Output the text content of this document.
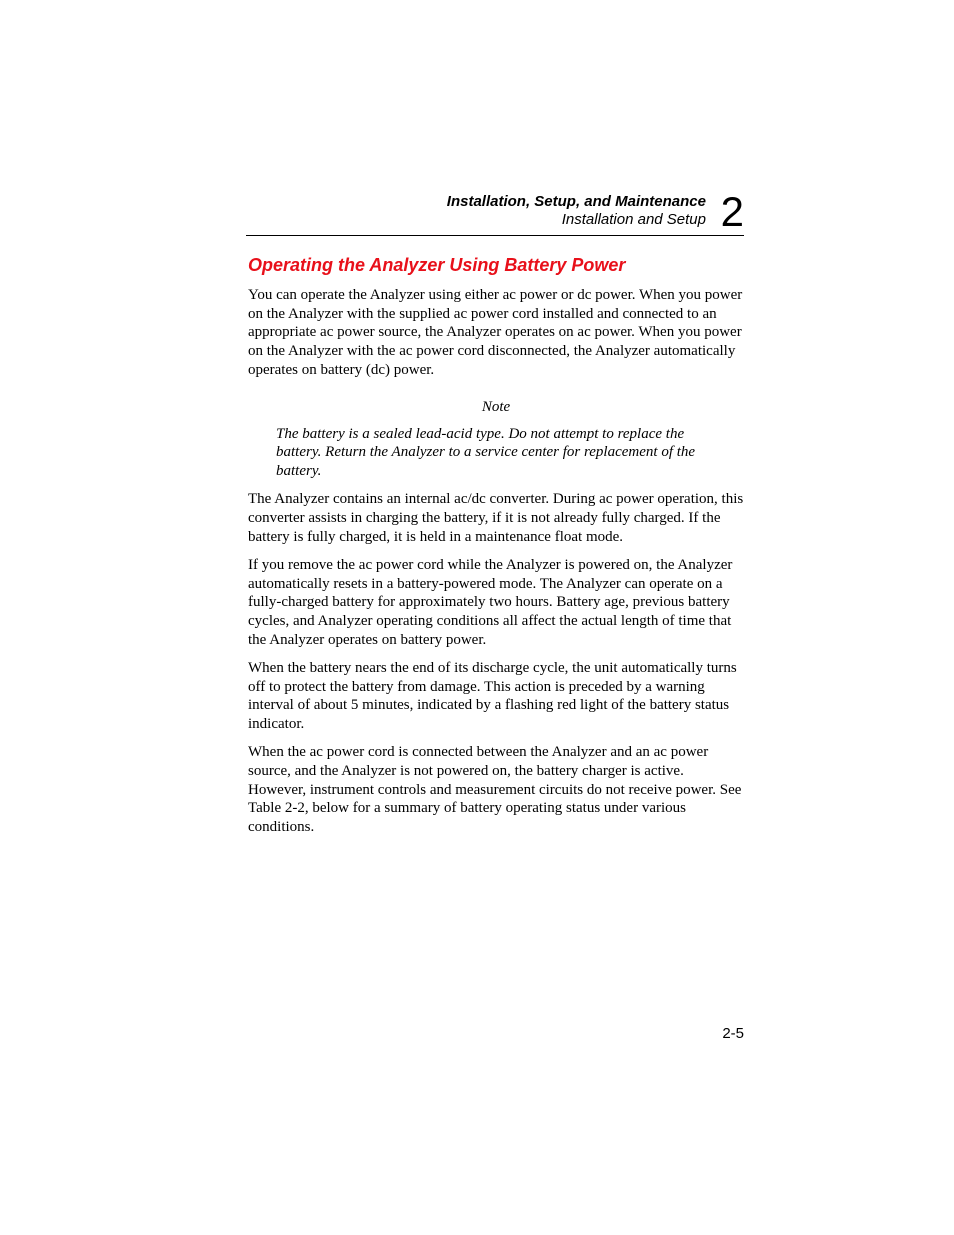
Installation, Setup, and Maintenance
Installation and Setup 2
Operating the Analyzer Using Battery Power

You can operate the Analyzer using either ac power or dc power. When you power on the Analyzer with the supplied ac power cord installed and connected to an appropriate ac power source, the Analyzer operates on ac power. When you power on the Analyzer with the ac power cord disconnected, the Analyzer automatically operates on battery (dc) power.

Note

The battery is a sealed lead-acid type. Do not attempt to replace the battery. Return the Analyzer to a service center for replacement of the battery.

The Analyzer contains an internal ac/dc converter. During ac power operation, this converter assists in charging the battery, if it is not already fully charged. If the battery is fully charged, it is held in a maintenance float mode.

If you remove the ac power cord while the Analyzer is powered on, the Analyzer automatically resets in a battery-powered mode. The Analyzer can operate on a fully-charged battery for approximately two hours. Battery age, previous battery cycles, and Analyzer operating conditions all affect the actual length of time that the Analyzer operates on battery power.

When the battery nears the end of its discharge cycle, the unit automatically turns off to protect the battery from damage. This action is preceded by a warning interval of about 5 minutes, indicated by a flashing red light of the battery status indicator.

When the ac power cord is connected between the Analyzer and an ac power source, and the Analyzer is not powered on, the battery charger is active. However, instrument controls and measurement circuits do not receive power. See Table 2-2, below for a summary of battery operating status under various conditions.

2-5
